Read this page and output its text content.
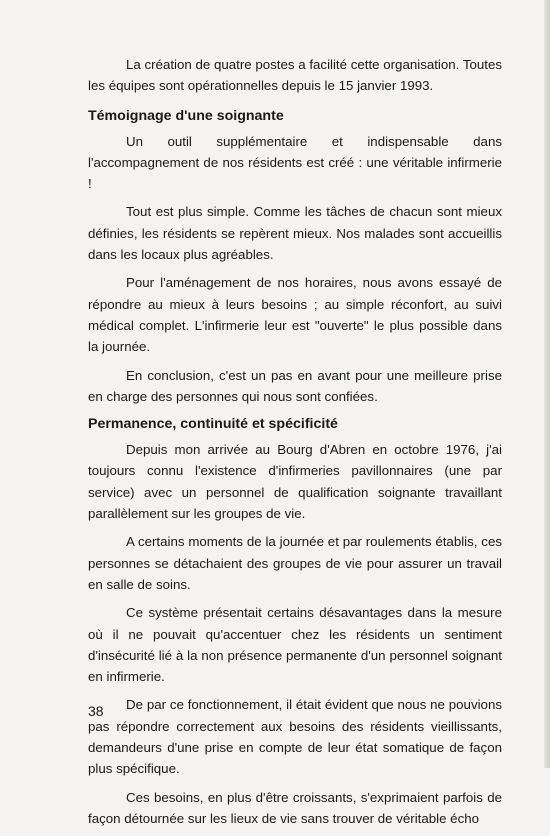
La création de quatre postes a facilité cette organisation. Toutes les équipes sont opérationnelles depuis le 15 janvier 1993.

Témoignage d'une soignante

Un outil supplémentaire et indispensable dans l'accompagnement de nos résidents est créé : une véritable infirmerie !

Tout est plus simple. Comme les tâches de chacun sont mieux définies, les résidents se repèrent mieux. Nos malades sont accueillis dans les locaux plus agréables.

Pour l'aménagement de nos horaires, nous avons essayé de répondre au mieux à leurs besoins ; au simple réconfort, au suivi médical complet. L'infirmerie leur est "ouverte" le plus possible dans la journée.

En conclusion, c'est un pas en avant pour une meilleure prise en charge des personnes qui nous sont confiées.

Permanence, continuité et spécificité

Depuis mon arrivée au Bourg d'Abren en octobre 1976, j'ai toujours connu l'existence d'infirmeries pavillonnaires (une par service) avec un personnel de qualification soignante travaillant parallèlement sur les groupes de vie.

A certains moments de la journée et par roulements établis, ces personnes se détachaient des groupes de vie pour assurer un travail en salle de soins.

Ce système présentait certains désavantages dans la mesure où il ne pouvait qu'accentuer chez les résidents un sentiment d'insécurité lié à la non présence permanente d'un personnel soignant en infirmerie.

De par ce fonctionnement, il était évident que nous ne pouvions pas répondre correctement aux besoins des résidents vieillissants, demandeurs d'une prise en compte de leur état somatique de façon plus spécifique.

Ces besoins, en plus d'être croissants, s'exprimaient parfois de façon détournée sur les lieux de vie sans trouver de véritable écho

38
